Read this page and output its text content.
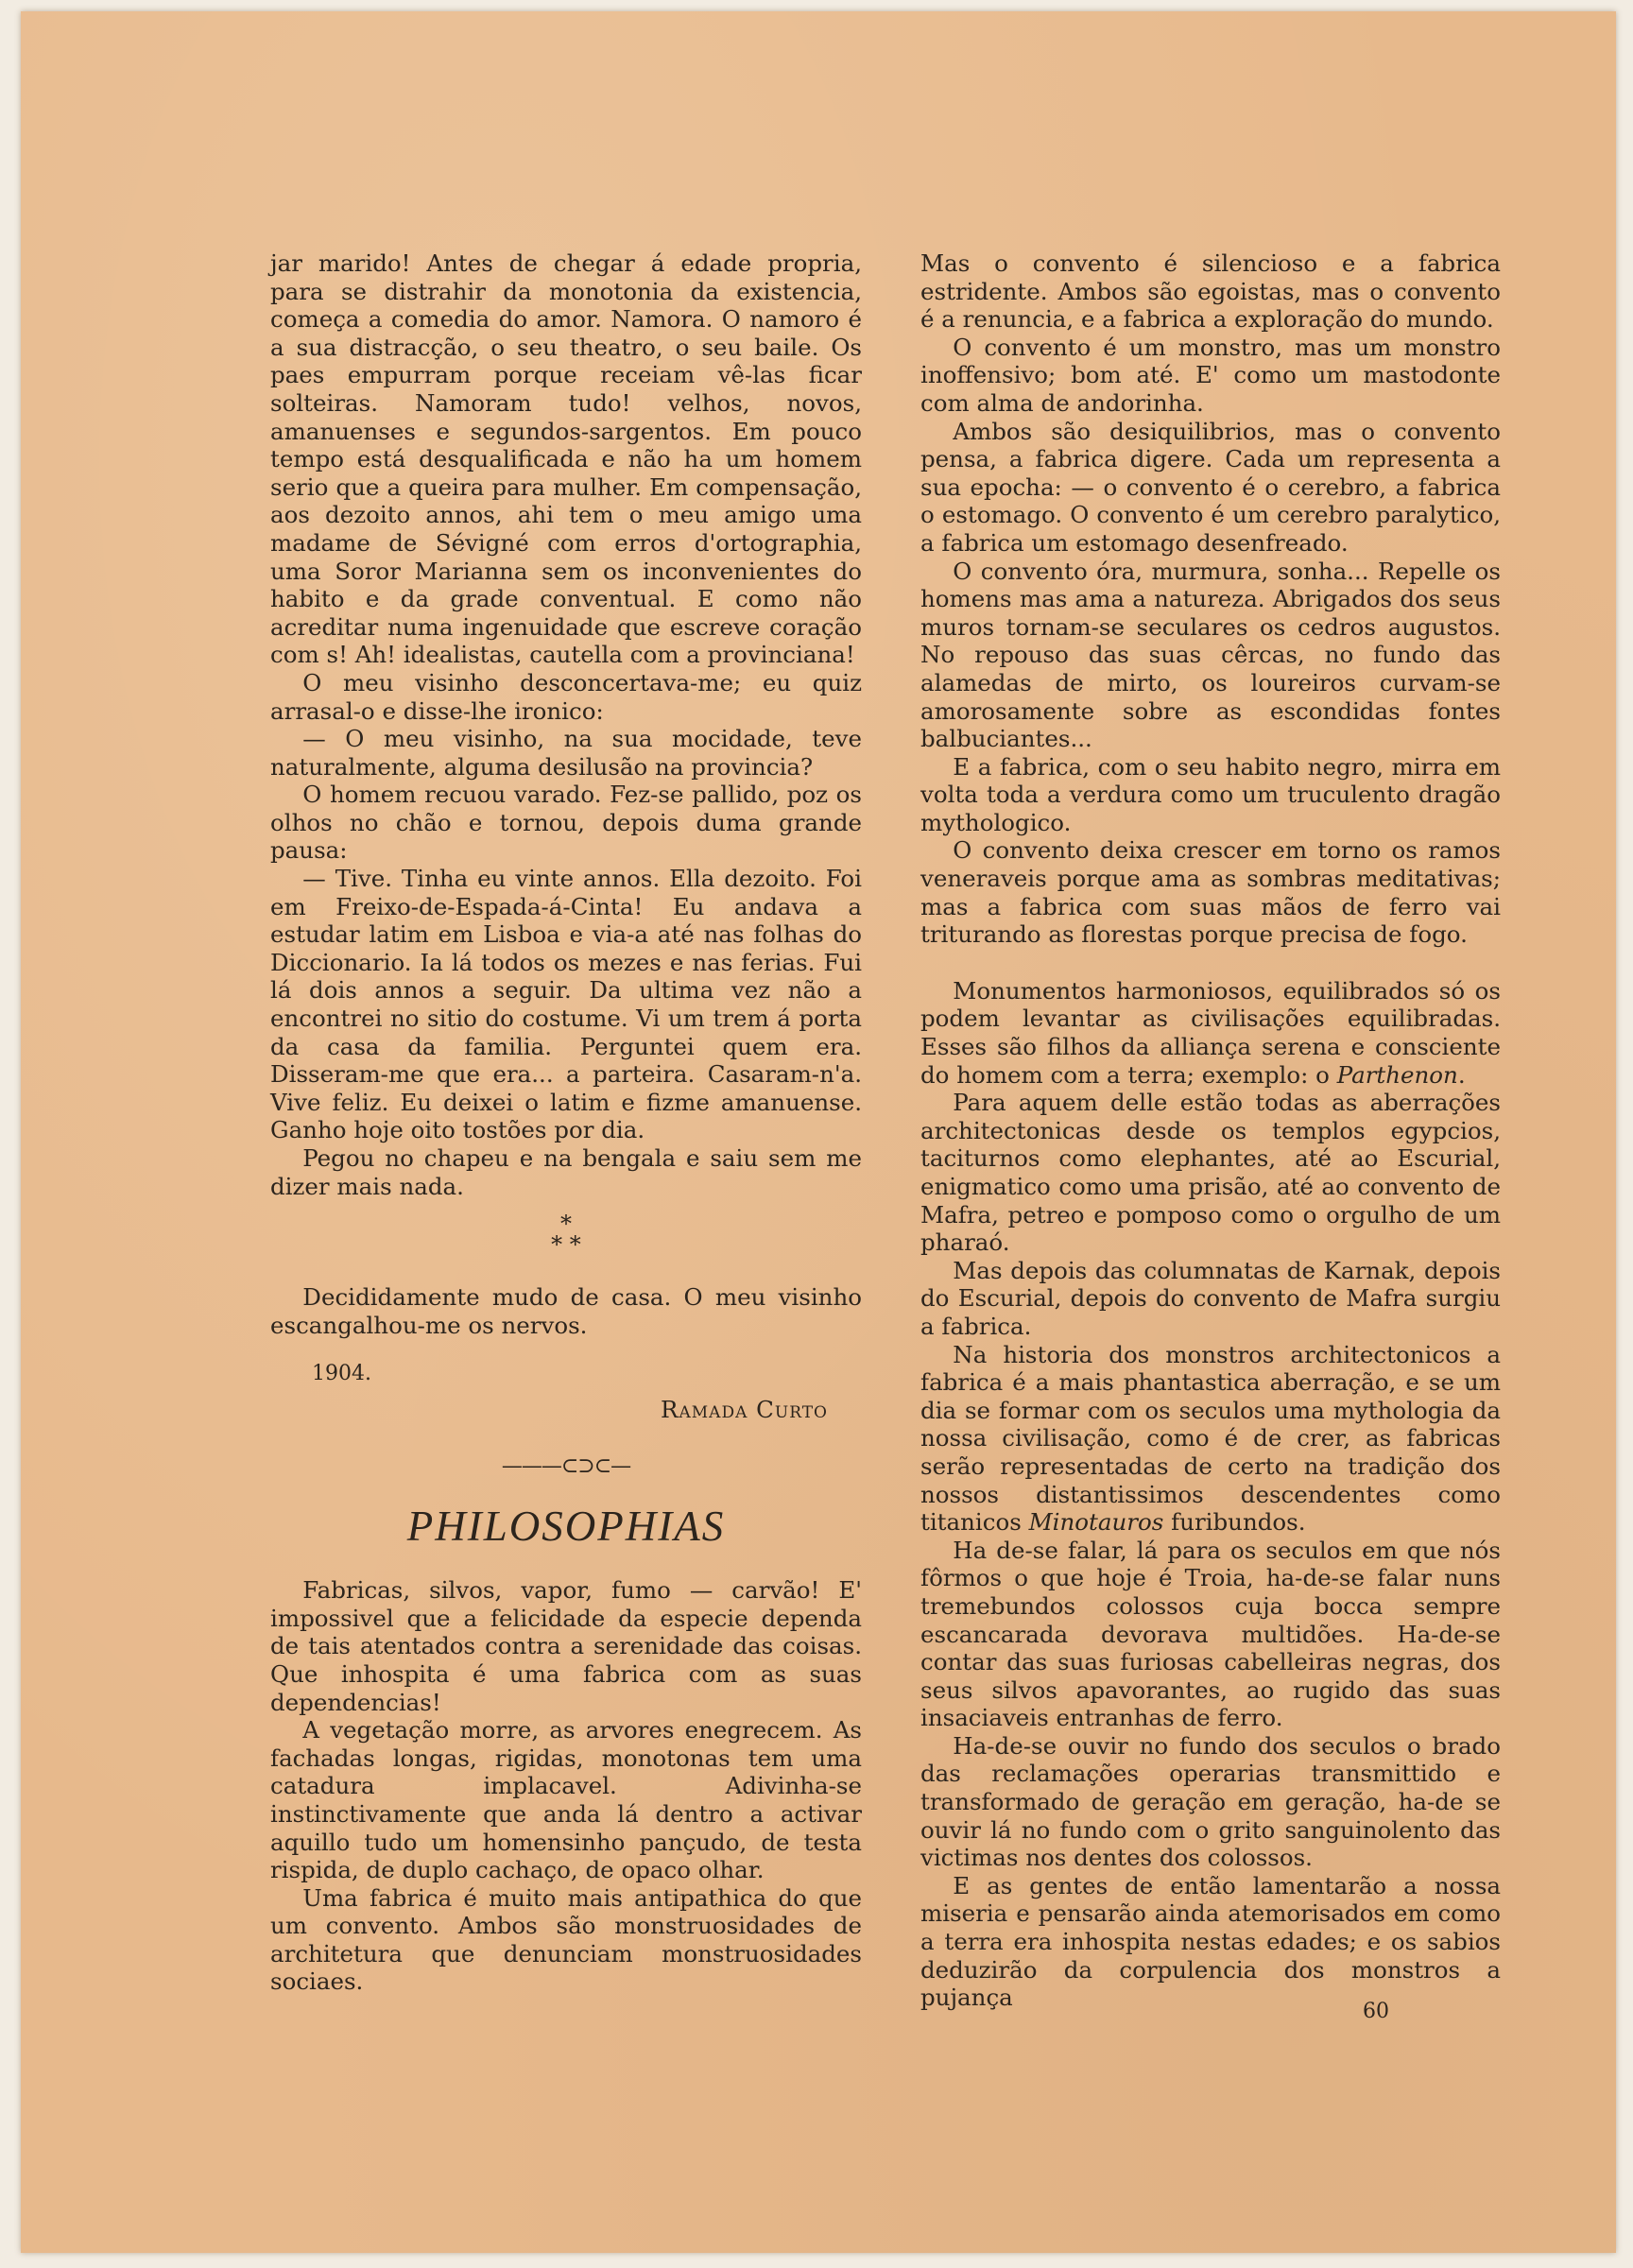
jar marido! Antes de chegar á edade propria, para se distrahir da monotonia da existencia, começa a comedia do amor. Namora. O namoro é a sua distracção, o seu theatro, o seu baile. Os paes empurram porque receiam vê-las ficar solteiras. Namoram tudo! velhos, novos, amanuenses e segundos-sargentos. Em pouco tempo está desqualificada e não ha um homem serio que a queira para mulher. Em compensação, aos dezoito annos, ahi tem o meu amigo uma madame de Sévigné com erros d'ortographia, uma Soror Marianna sem os inconvenientes do habito e da grade conventual. E como não acreditar numa ingenuidade que escreve coração com s! Ah! idealistas, cautella com a provinciana!

O meu visinho desconcertava-me; eu quiz arrasal-o e disse-lhe ironico:

— O meu visinho, na sua mocidade, teve naturalmente, alguma desilusão na provincia?

O homem recuou varado. Fez-se pallido, poz os olhos no chão e tornou, depois duma grande pausa:

— Tive. Tinha eu vinte annos. Ella dezoito. Foi em Freixo-de-Espada-á-Cinta! Eu andava a estudar latim em Lisboa e via-a até nas folhas do Diccionario. Ia lá todos os mezes e nas ferias. Fui lá dois annos a seguir. Da ultima vez não a encontrei no sitio do costume. Vi um trem á porta da casa da familia. Perguntei quem era. Disseram-me que era... a parteira. Casaram-n'a. Vive feliz. Eu deixei o latim e fizme amanuense. Ganho hoje oito tostões por dia.

Pegou no chapeu e na bengala e saiu sem me dizer mais nada.

*
* *

Decididamente mudo de casa. O meu visinho escangalhou-me os nervos.

1904.
Ramada Curto
———⊂⊃⊂—
PHILOSOPHIAS

Fabricas, silvos, vapor, fumo — carvão! E' impossivel que a felicidade da especie dependa de tais atentados contra a serenidade das coisas. Que inhospita é uma fabrica com as suas dependencias!

A vegetação morre, as arvores enegrecem. As fachadas longas, rigidas, monotonas tem uma catadura implacavel. Adivinha-se instinctivamente que anda lá dentro a activar aquillo tudo um homensinho pançudo, de testa rispida, de duplo cachaço, de opaco olhar.

Uma fabrica é muito mais antipathica do que um convento. Ambos são monstruosidades de architetura que denunciam monstruosidades sociaes.

Mas o convento é silencioso e a fabrica estridente. Ambos são egoistas, mas o convento é a renuncia, e a fabrica a exploração do mundo.

O convento é um monstro, mas um monstro inoffensivo; bom até. E' como um mastodonte com alma de andorinha.

Ambos são desiquilibrios, mas o convento pensa, a fabrica digere. Cada um representa a sua epocha: — o convento é o cerebro, a fabrica o estomago. O convento é um cerebro paralytico, a fabrica um estomago desenfreado.

O convento óra, murmura, sonha... Repelle os homens mas ama a natureza. Abrigados dos seus muros tornam-se seculares os cedros augustos. No repouso das suas cêrcas, no fundo das alamedas de mirto, os loureiros curvam-se amorosamente sobre as escondidas fontes balbuciantes...

E a fabrica, com o seu habito negro, mirra em volta toda a verdura como um truculento dragão mythologico.

O convento deixa crescer em torno os ramos veneraveis porque ama as sombras meditativas; mas a fabrica com suas mãos de ferro vai triturando as florestas porque precisa de fogo.

Monumentos harmoniosos, equilibrados só os podem levantar as civilisações equilibradas. Esses são filhos da alliança serena e consciente do homem com a terra; exemplo: o Parthenon.

Para aquem delle estão todas as aberrações architectonicas desde os templos egypcios, taciturnos como elephantes, até ao Escurial, enigmatico como uma prisão, até ao convento de Mafra, petreo e pomposo como o orgulho de um pharaó.

Mas depois das columnatas de Karnak, depois do Escurial, depois do convento de Mafra surgiu a fabrica.

Na historia dos monstros architectonicos a fabrica é a mais phantastica aberração, e se um dia se formar com os seculos uma mythologia da nossa civilisação, como é de crer, as fabricas serão representadas de certo na tradição dos nossos distantissimos descendentes como titanicos Minotauros furibundos.

Ha de-se falar, lá para os seculos em que nós fôrmos o que hoje é Troia, ha-de-se falar nuns tremebundos colossos cuja bocca sempre escancarada devorava multidões. Ha-de-se contar das suas furiosas cabelleiras negras, dos seus silvos apavorantes, ao rugido das suas insaciaveis entranhas de ferro.

Ha-de-se ouvir no fundo dos seculos o brado das reclamações operarias transmittido e transformado de geração em geração, ha-de se ouvir lá no fundo com o grito sanguinolento das victimas nos dentes dos colossos.

E as gentes de então lamentarão a nossa miseria e pensarão ainda atemorisados em como a terra era inhospita nestas edades; e os sabios deduzirão da corpulencia dos monstros a pujança

60
